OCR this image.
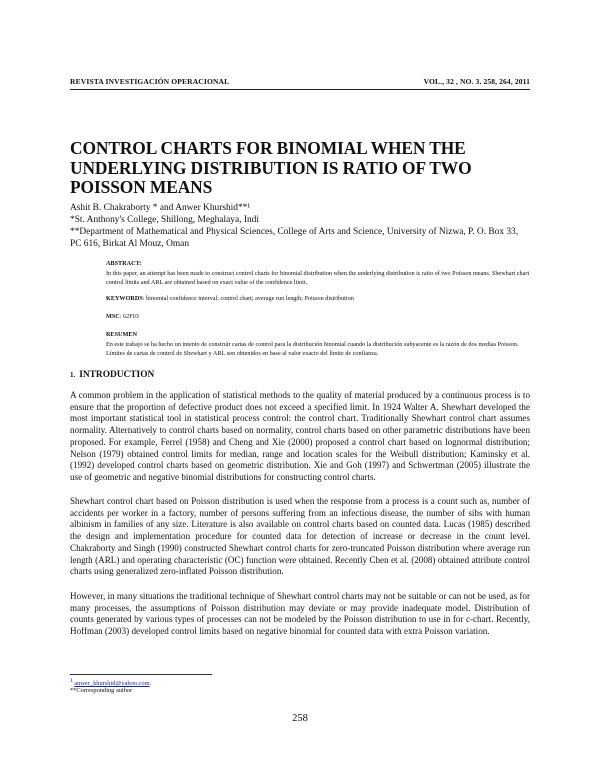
REVISTA INVESTIGACIÓN OPERACIONAL	VOL., 32 , NO. 3. 258, 264, 2011
CONTROL CHARTS FOR BINOMIAL WHEN THE UNDERLYING DISTRIBUTION IS RATIO OF TWO POISSON MEANS
Ashit B. Chakraborty * and Anwer Khurshid**¹
*St. Anthony's College, Shillong, Meghalaya, Indi
**Department of Mathematical and Physical Sciences, College of Arts and Science, University of Nizwa, P. O. Box 33, PC 616, Birkat Al Mouz, Oman
ABSTRACT:
In this paper, an attempt has been made to construct control charts for binomial distribution when the underlying distribution is ratio of two Poisson means. Shewhart chart control limits and ARL are obtained based on exact value of the confidence limit.
KEYWORDS: binomial confidence interval; control chart; average run length; Poisson distribution
MSC: 62F03
RESUMEN
En este trabajo se ha hecho un intento de construir cartas de control para la distribución binomial cuando la distribución subyacente es la razón de dos medias Poisson. Límites de cartas de control de Shewhart y ARL son obtenidos en base al valor exacto del límite de confianza.
1. INTRODUCTION
A common problem in the application of statistical methods to the quality of material produced by a continuous process is to ensure that the proportion of defective product does not exceed a specified limit. In 1924 Walter A. Shewhart developed the most important statistical tool in statistical process control: the control chart. Traditionally Shewhart control chart assumes normality. Alternatively to control charts based on normality, control charts based on other parametric distributions have been proposed. For example, Ferrel (1958) and Cheng and Xie (2000) proposed a control chart based on lognormal distribution; Nelson (1979) obtained control limits for median, range and location scales for the Weibull distribution; Kaminsky et al. (1992) developed control charts based on geometric distribution. Xie and Goh (1997) and Schwertman (2005) illustrate the use of geometric and negative binomial distributions for constructing control charts.
Shewhart control chart based on Poisson distribution is used when the response from a process is a count such as, number of accidents per worker in a factory, number of persons suffering from an infectious disease, the number of sibs with human albinism in families of any size. Literature is also available on control charts based on counted data. Lucas (1985) described the design and implementation procedure for counted data for detection of increase or decrease in the count level. Chakraborty and Singh (1990) constructed Shewhart control charts for zero-truncated Poisson distribution where average run length (ARL) and operating characteristic (OC) function were obtained. Recently Chen et al. (2008) obtained attribute control charts using generalized zero-inflated Poisson distribution.
However, in many situations the traditional technique of Shewhart control charts may not be suitable or can not be used, as for many processes, the assumptions of Poisson distribution may deviate or may provide inadequate model. Distribution of counts generated by various types of processes can not be modeled by the Poisson distribution to use in for c-chart. Recently, Hoffman (2003) developed control limits based on negative binomial for counted data with extra Poisson variation.
$^1$ anwer_khurshid@yahoo.com.
**Corresponding author
258
